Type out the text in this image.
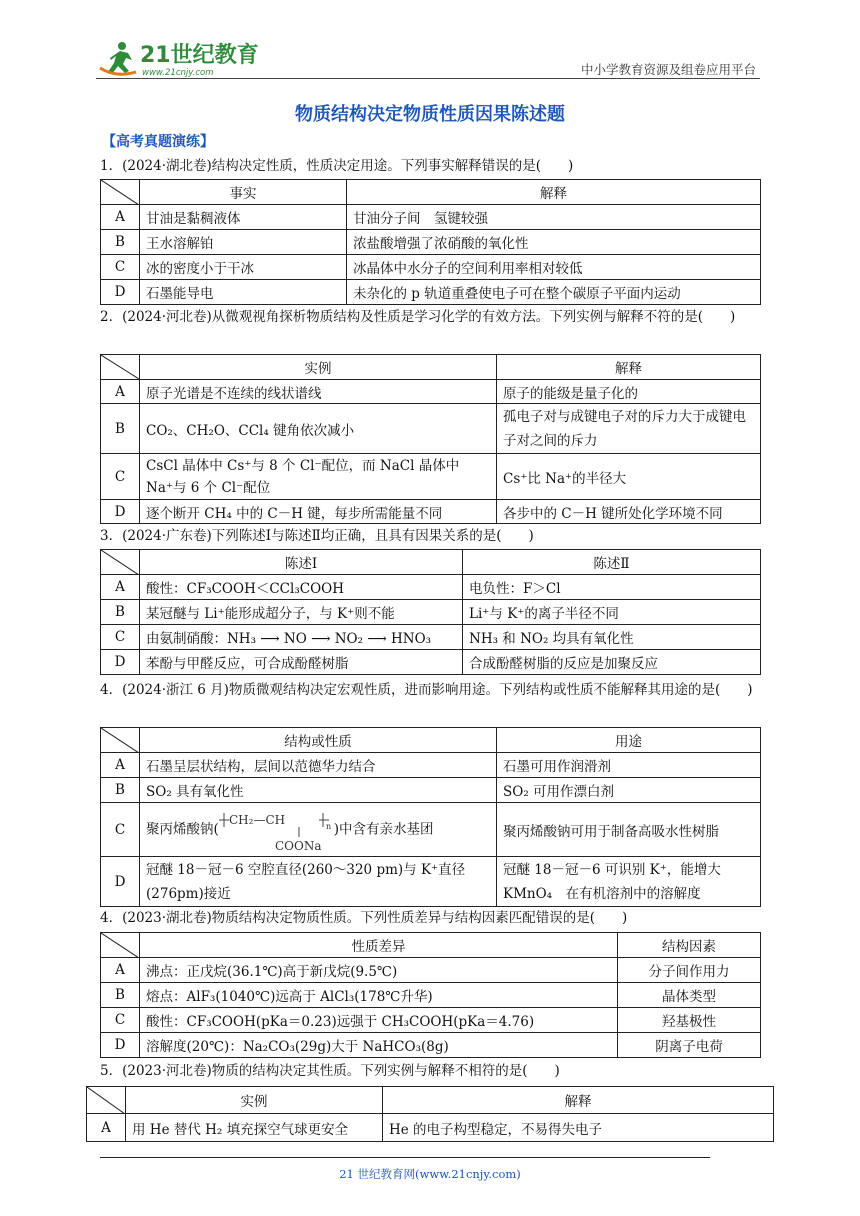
21世纪教育
www.21cnjy.com	中小学教育资源及组卷应用平台
物质结构决定物质性质因果陈述题
【高考真题演练】
1．(2024·湖北卷)结构决定性质，性质决定用途。下列事实解释错误的是(　　)
	事实	解释
A	甘油是黏稠液体	甘油分子间　氢键较强
B	王水溶解铂	浓盐酸增强了浓硝酸的氧化性
C	冰的密度小于干冰	冰晶体中水分子的空间利用率相对较低
D	石墨能导电	未杂化的 p 轨道重叠使电子可在整个碳原子平面内运动
2．(2024·河北卷)从微观视角探析物质结构及性质是学习化学的有效方法。下列实例与解释不符的是(　　)
	实例	解释
A	原子光谱是不连续的线状谱线	原子的能级是量子化的
B	CO₂、CH₂O、CCl₄ 键角依次减小	孤电子对与成键电子对的斥力大于成键电子对之间的斥力
C	CsCl 晶体中 Cs⁺与 8 个 Cl⁻配位，而 NaCl 晶体中 Na⁺与 6 个 Cl⁻配位	Cs⁺比 Na⁺的半径大
D	逐个断开 CH₄ 中的 C－H 键，每步所需能量不同	各步中的 C－H 键所处化学环境不同
3．(2024·广东卷)下列陈述Ⅰ与陈述Ⅱ均正确，且具有因果关系的是(　　)
	陈述Ⅰ	陈述Ⅱ
A	酸性：CF₃COOH＜CCl₃COOH	电负性：F＞Cl
B	某冠醚与 Li⁺能形成超分子，与 K⁺则不能	Li⁺与 K⁺的离子半径不同
C	由氨制硝酸：NH₃ ⟶ NO ⟶ NO₂ ⟶ HNO₃	NH₃ 和 NO₂ 均具有氧化性
D	苯酚与甲醛反应，可合成酚醛树脂	合成酚醛树脂的反应是加聚反应
4．(2024·浙江 6 月)物质微观结构决定宏观性质，进而影响用途。下列结构或性质不能解释其用途的是(　　)
	结构或性质	用途
A	石墨呈层状结构，层间以范德华力结合	石墨可用作润滑剂
B	SO₂ 具有氧化性	SO₂ 可用作漂白剂
C	聚丙烯酸钠(
CH₂—CH n
COONa
)中含有亲水基团	聚丙烯酸钠可用于制备高吸水性树脂
D	冠醚 18－冠－6 空腔直径(260～320 pm)与 K⁺直径(276pm)接近	冠醚 18－冠－6 可识别 K⁺，能增大 KMnO₄　在有机溶剂中的溶解度
4．(2023·湖北卷)物质结构决定物质性质。下列性质差异与结构因素匹配错误的是(　　)
	性质差异	结构因素
A	沸点：正戊烷(36.1℃)高于新戊烷(9.5℃)	分子间作用力
B	熔点：AlF₃(1040℃)远高于 AlCl₃(178℃升华)	晶体类型
C	酸性：CF₃COOH(pKa＝0.23)远强于 CH₃COOH(pKa＝4.76)	羟基极性
D	溶解度(20℃)：Na₂CO₃(29g)大于 NaHCO₃(8g)	阴离子电荷
5．(2023·河北卷)物质的结构决定其性质。下列实例与解释不相符的是(　　)
	实例	解释
A	用 He 替代 H₂ 填充探空气球更安全	He 的电子构型稳定，不易得失电子
21 世纪教育网(www.21cnjy.com)
